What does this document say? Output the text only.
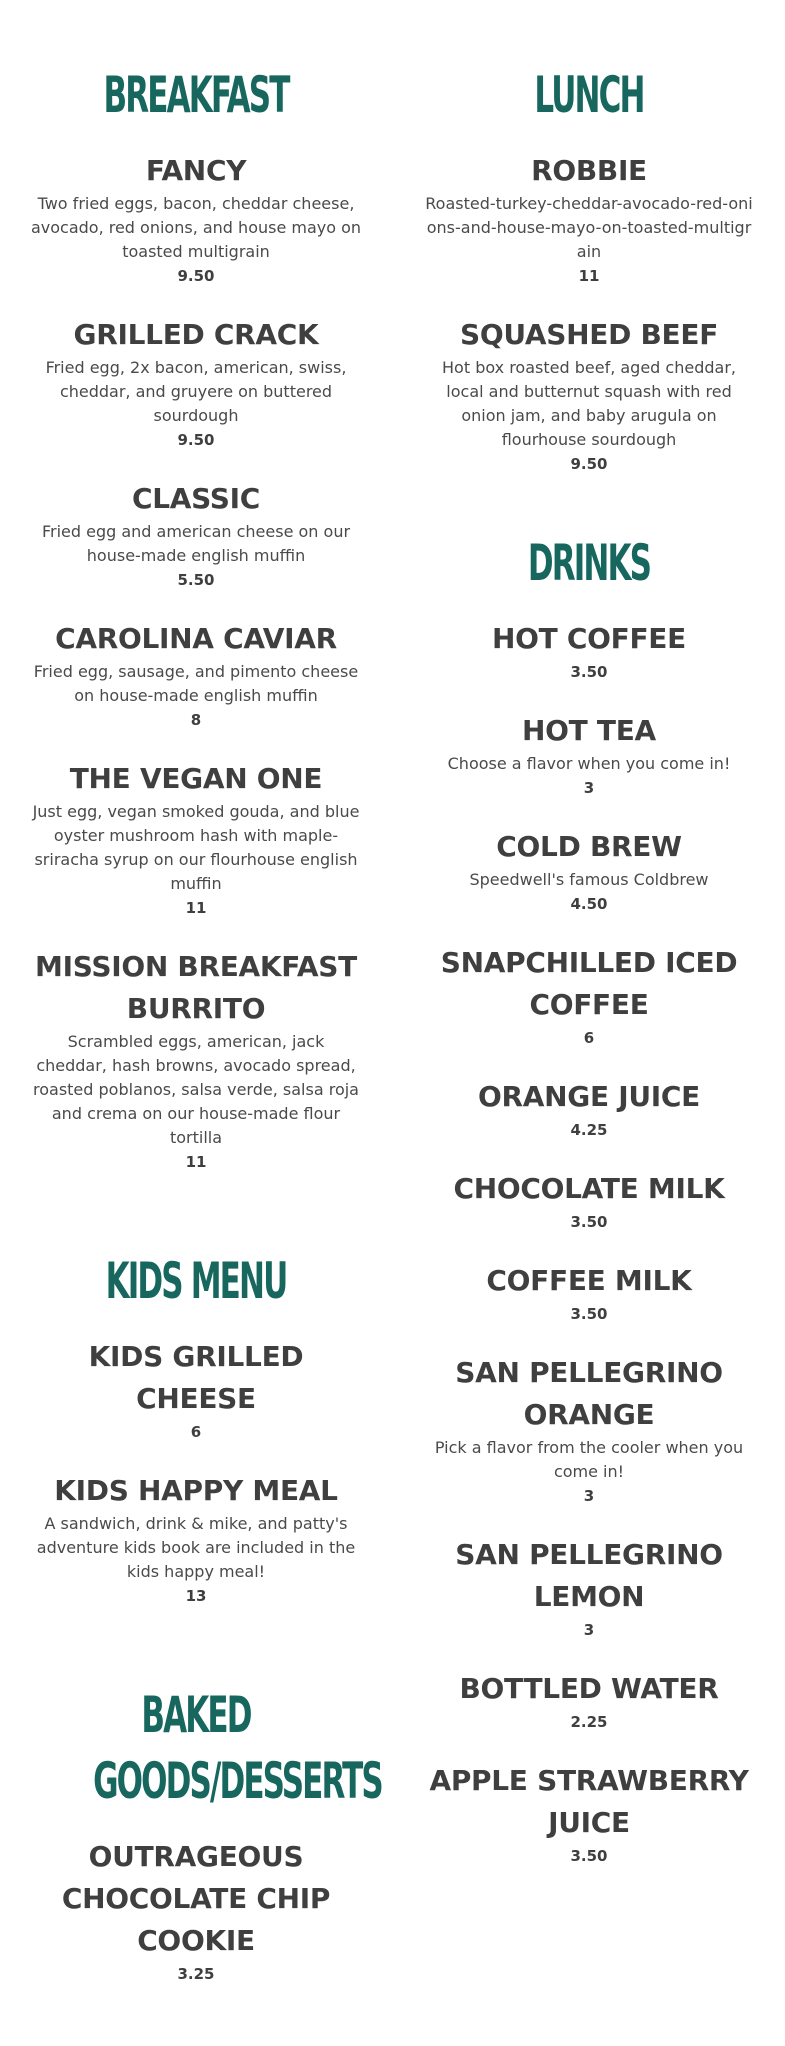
BREAKFAST
FANCY

Two fried eggs, bacon, cheddar cheese, avocado, red onions, and house mayo on toasted multigrain

9.50

GRILLED CRACK

Fried egg, 2x bacon, american, swiss, cheddar, and gruyere on buttered sourdough

9.50

CLASSIC

Fried egg and american cheese on our house-made english muffin

5.50

CAROLINA CAVIAR

Fried egg, sausage, and pimento cheese on house-made english muffin

8

THE VEGAN ONE

Just egg, vegan smoked gouda, and blue oyster mushroom hash with maple-sriracha syrup on our flourhouse english muffin

11

MISSION BREAKFAST BURRITO

Scrambled eggs, american, jack cheddar, hash browns, avocado spread, roasted poblanos, salsa verde, salsa roja and crema on our house-made flour tortilla

11

KIDS MENU
KIDS GRILLED CHEESE

6

KIDS HAPPY MEAL

A sandwich, drink & mike, and patty's adventure kids book are included in the kids happy meal!

13

BAKED GOODS/DESSERTS
OUTRAGEOUS CHOCOLATE CHIP COOKIE

3.25

LUNCH
ROBBIE

Roasted-turkey-cheddar-avocado-red-onions-and-house-mayo-on-toasted-multigrain

11

SQUASHED BEEF

Hot box roasted beef, aged cheddar, local and butternut squash with red onion jam, and baby arugula on flourhouse sourdough

9.50

DRINKS
HOT COFFEE

3.50

HOT TEA

Choose a flavor when you come in!

3

COLD BREW

Speedwell's famous Coldbrew

4.50

SNAPCHILLED ICED COFFEE

6

ORANGE JUICE

4.25

CHOCOLATE MILK

3.50

COFFEE MILK

3.50

SAN PELLEGRINO ORANGE

Pick a flavor from the cooler when you come in!

3

SAN PELLEGRINO LEMON

3

BOTTLED WATER

2.25

APPLE STRAWBERRY JUICE

3.50
